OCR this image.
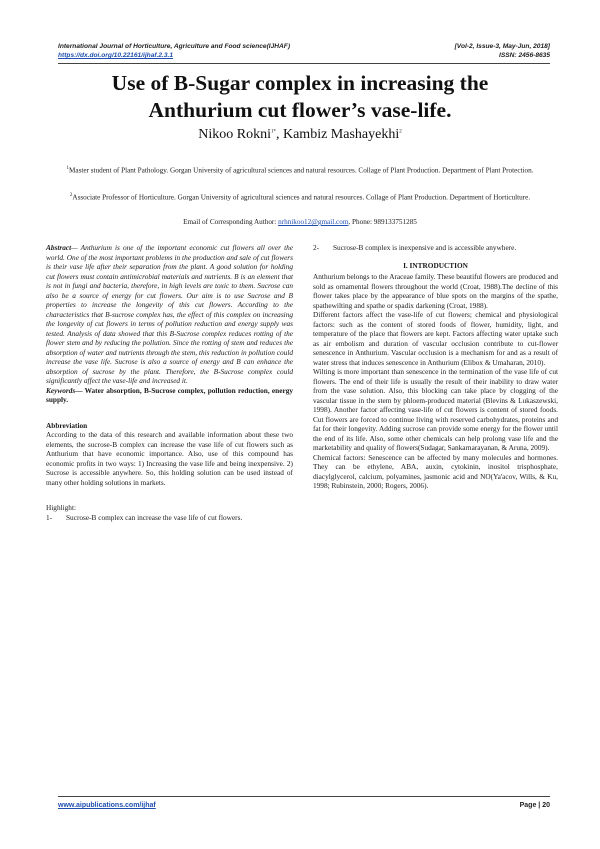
International Journal of Horticulture, Agriculture and Food science(IJHAF)	[Vol-2, Issue-3, May-Jun, 2018]
https://dx.doi.org/10.22161/ijhaf.2.3.1	ISSN: 2456-8635
Use of B-Sugar complex in increasing the
Anthurium cut flower’s vase-life.
Nikoo Rokni$^{1*}$, Kambiz Mashayekhi$^2$
$^1$Master student of Plant Pathology. Gorgan University of agricultural sciences and natural resources. Collage of Plant Production. Department of Plant Protection.
$^2$Associate Professor of Horticulture. Gorgan University of agricultural sciences and natural resources. Collage of Plant Production. Department of Horticulture.
Email of Corresponding Author: nrhnikoo12@gmail.com, Phone: 989133751285

Abstract— Anthurium is one of the important economic cut flowers all over the world. One of the most important problems in the production and sale of cut flowers is their vase life after their separation from the plant. A good solution for holding cut flowers must contain antimicrobial materials and nutrients. B is an element that is not in fungi and bacteria, therefore, in high levels are toxic to them. Sucrose can also be a source of energy for cut flowers. Our aim is to use Sucrose and B properties to increase the longevity of this cut flowers. According to the characteristics that B-sucrose complex has, the effect of this complex on increasing the longevity of cut flowers in terms of pollution reduction and energy supply was tested. Analysis of data showed that this B-Sucrose complex reduces rotting of the flower stem and by reducing the pollution. Since the rotting of stem and reduces the absorption of water and nutrients through the stem, this reduction in pollution could increase the vase life. Sucrose is also a source of energy and B can enhance the absorption of sucrose by the plant. Therefore, the B-Sucrose complex could significantly affect the vase-life and increased it.

Keywords— Water absorption, B-Sucrose complex, pollution reduction, energy supply.

Abbreviation

According to the data of this research and available information about these two elements, the sucrose-B complex can increase the vase life of cut flowers such as Anthurium that have economic importance. Also, use of this compound has economic profits in two ways: 1) Increasing the vase life and being inexpensive. 2) Sucrose is accessible anywhere. So, this holding solution can be used instead of many other holding solutions in markets.

Highlight:

1-	Sucrose-B complex can increase the vase life of cut flowers.
2-	Sucrose-B complex is inexpensive and is accessible anywhere.

I. INTRODUCTION

Anthurium belongs to the Araceae family. These beautiful flowers are produced and sold as ornamental flowers throughout the world (Croat, 1988).The decline of this flower takes place by the appearance of blue spots on the margins of the spathe, spathewilting and spathe or spadix darkening (Croat, 1988).

Different factors affect the vase-life of cut flowers; chemical and physiological factors: such as the content of stored foods of flower, humidity, light, and temperature of the place that flowers are kept. Factors affecting water uptake such as air embolism and duration of vascular occlusion contribute to cut-flower senescence in Anthurium. Vascular occlusion is a mechanism for and as a result of water stress that induces senescence in Anthurium (Elibox & Umaharan, 2010).

Wilting is more important than senescence in the termination of the vase life of cut flowers. The end of their life is usually the result of their inability to draw water from the vase solution. Also, this blocking can take place by clogging of the vascular tissue in the stem by phloem-produced material (Blevins & Lukaszewski, 1998). Another factor affecting vase-life of cut flowers is content of stored foods. Cut flowers are forced to continue living with reserved carbohydrates, proteins and fat for their longevity. Adding sucrose can provide some energy for the flower until the end of its life. Also, some other chemicals can help prolong vase life and the marketability and quality of flowers(Sudagar, Sankarnarayanan, & Aruna, 2009).

Chemical factors: Senescence can be affected by many molecules and hormones. They can be ethylene, ABA, auxin, cytokinin, inositol trisphosphate, diacylglycerol, calcium, polyamines, jasmonic acid and NO(Ya'acov, Wills, & Ku, 1998; Rubinstein, 2000; Rogers, 2006).

www.aipublications.com/ijhaf	Page | 20
